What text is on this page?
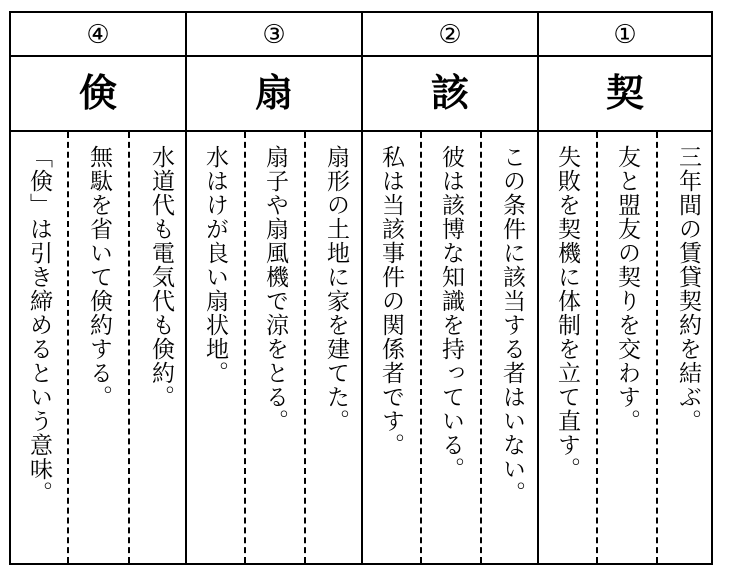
④
倹
水道代も電気代も倹約。
無駄を省いて倹約する。
「倹」は引き締めるという意味。
③
扇
扇形の土地に家を建てた。
扇子や扇風機で涼をとる。
水はけが良い扇状地。
②
該
この条件に該当する者はいない。
彼は該博な知識を持っている。
私は当該事件の関係者です。
①
契
三年間の賃貸契約を結ぶ。
友と盟友の契りを交わす。
失敗を契機に体制を立て直す。
